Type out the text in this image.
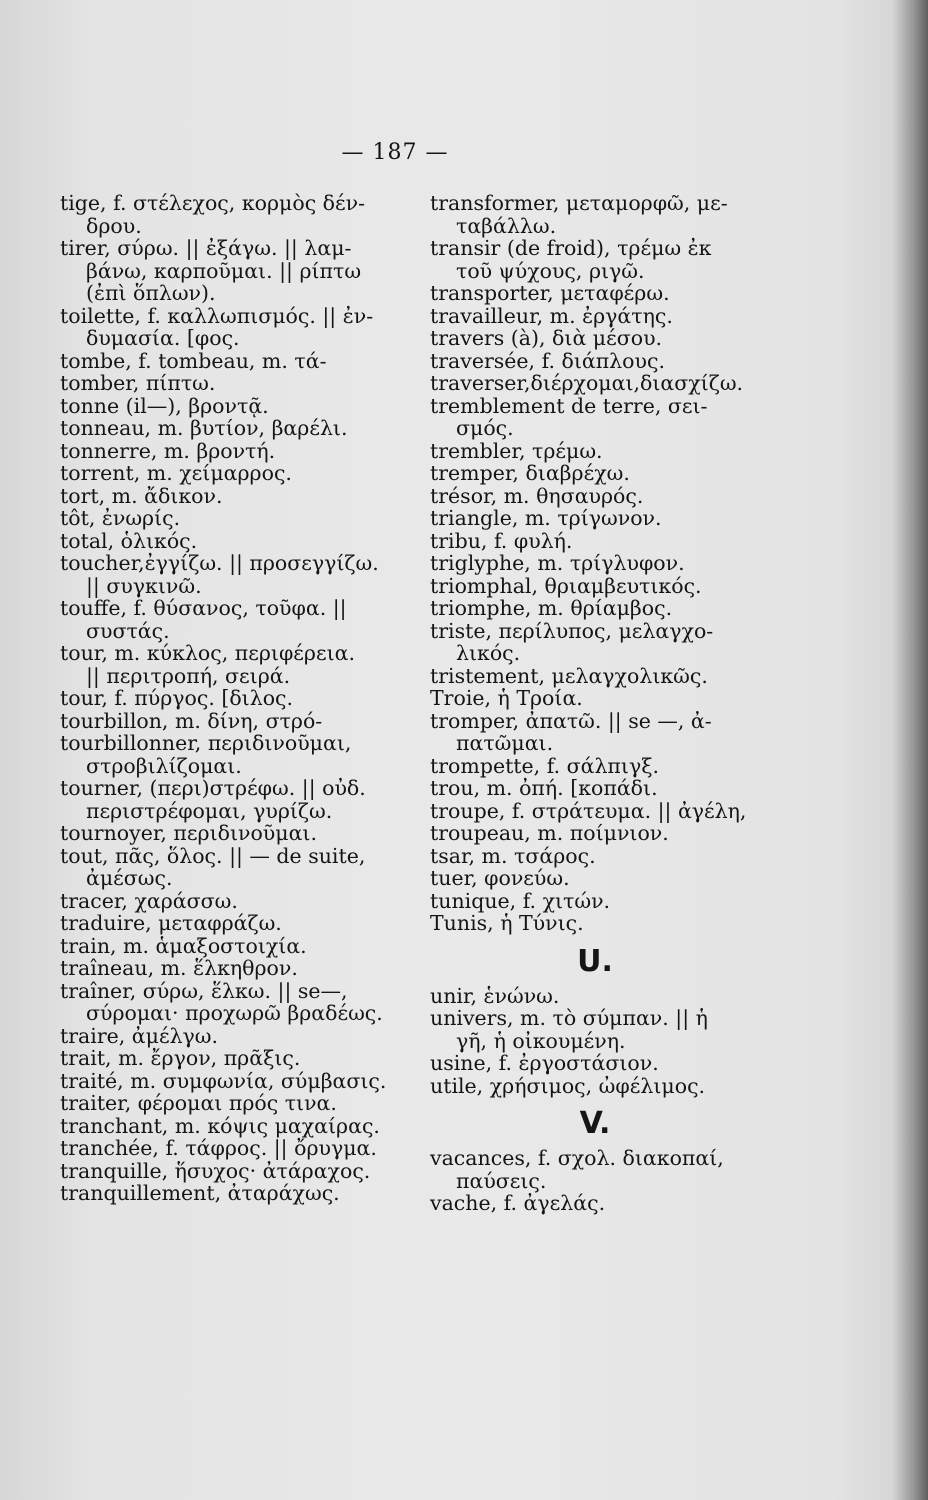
— 187 —
tige, f. στέλεχος, κορμὸς δέν-
δρου.
tirer, σύρω. || ἐξάγω. || λαμ-
βάνω, καρποῦμαι. || ρίπτω
(ἐπὶ ὅπλων).
toilette, f. καλλωπισμός. || ἐν-
δυμασία. [φος.
tombe, f. tombeau, m. τά-
tomber, πίπτω.
tonne (il—), βροντᾷ.
tonneau, m. βυτίον, βαρέλι.
tonnerre, m. βροντή.
torrent, m. χείμαρρος.
tort, m. ἄδικον.
tôt, ἐνωρίς.
total, ὁλικός.
toucher,ἐγγίζω. || προσεγγίζω.
|| συγκινῶ.
touffe, f. θύσανος, τοῦφα. ||
συστάς.
tour, m. κύκλος, περιφέρεια.
|| περιτροπή, σειρά.
tour, f. πύργος. [διλος.
tourbillon, m. δίνη, στρό-
tourbillonner, περιδινοῦμαι,
στροβιλίζομαι.
tourner, (περι)στρέφω. || οὐδ.
περιστρέφομαι, γυρίζω.
tournoyer, περιδινοῦμαι.
tout, πᾶς, ὅλος. || — de suite,
ἀμέσως.
tracer, χαράσσω.
traduire, μεταφράζω.
train, m. ἁμαξοστοιχία.
traîneau, m. ἕλκηθρον.
traîner, σύρω, ἕλκω. || se—,
σύρομαι· προχωρῶ βραδέως.
traire, ἀμέλγω.
trait, m. ἔργον, πρᾶξις.
traité, m. συμφωνία, σύμβασις.
traiter, φέρομαι πρός τινα.
tranchant, m. κόψις μαχαίρας.
tranchée, f. τάφρος. || ὄρυγμα.
tranquille, ἥσυχος· ἀτάραχος.
tranquillement, ἀταράχως.
transformer, μεταμορφῶ, με-
ταβάλλω.
transir (de froid), τρέμω ἐκ
τοῦ ψύχους, ριγῶ.
transporter, μεταφέρω.
travailleur, m. ἐργάτης.
travers (à), διὰ μέσου.
traversée, f. διάπλους.
traverser,διέρχομαι,διασχίζω.
tremblement de terre, σει-
σμός.
trembler, τρέμω.
tremper, διαβρέχω.
trésor, m. θησαυρός.
triangle, m. τρίγωνον.
tribu, f. φυλή.
triglyphe, m. τρίγλυφον.
triomphal, θριαμβευτικός.
triomphe, m. θρίαμβος.
triste, περίλυπος, μελαγχο-
λικός.
tristement, μελαγχολικῶς.
Troie, ἡ Τροία.
tromper, ἀπατῶ. || se —, ἀ-
πατῶμαι.
trompette, f. σάλπιγξ.
trou, m. ὀπή. [κοπάδι.
troupe, f. στράτευμα. || ἀγέλη,
troupeau, m. ποίμνιον.
tsar, m. τσάρος.
tuer, φονεύω.
tunique, f. χιτών.
Tunis, ἡ Τύνις.
U.
unir, ἑνώνω.
univers, m. τὸ σύμπαν. || ἡ
γῆ, ἡ οἰκουμένη.
usine, f. ἐργοστάσιον.
utile, χρήσιμος, ὠφέλιμος.
V.
vacances, f. σχολ. διακοπαί,
παύσεις.
vache, f. ἀγελάς.
